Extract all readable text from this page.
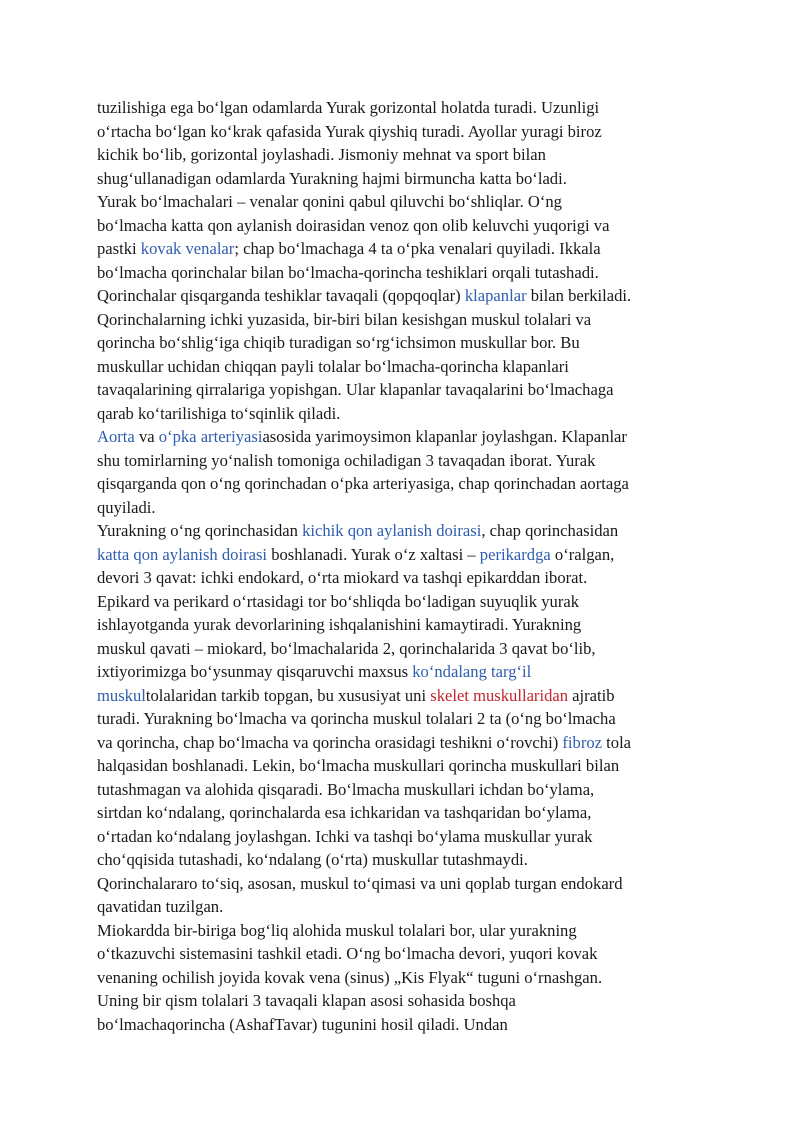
tuzilishiga ega bo‘lgan odamlarda Yurak gorizontal holatda turadi. Uzunligi
o‘rtacha bo‘lgan ko‘krak qafasida Yurak qiyshiq turadi. Ayollar yuragi biroz
kichik bo‘lib, gorizontal joylashadi. Jismoniy mehnat va sport bilan
shug‘ullanadigan odamlarda Yurakning hajmi birmuncha katta bo‘ladi.
Yurak bo‘lmachalari – venalar qonini qabul qiluvchi bo‘shliqlar. O‘ng
bo‘lmacha katta qon aylanish doirasidan venoz qon olib keluvchi yuqorigi va
pastki kovak venalar; chap bo‘lmachaga 4 ta o‘pka venalari quyiladi. Ikkala
bo‘lmacha qorinchalar bilan bo‘lmacha-qorincha teshiklari orqali tutashadi.
Qorinchalar qisqarganda teshiklar tavaqali (qopqoqlar) klapanlar bilan berkiladi.
Qorinchalarning ichki yuzasida, bir-biri bilan kesishgan muskul tolalari va
qorincha bo‘shlig‘iga chiqib turadigan so‘rg‘ichsimon muskullar bor. Bu
muskullar uchidan chiqqan payli tolalar bo‘lmacha-qorincha klapanlari
tavaqalarining qirralariga yopishgan. Ular klapanlar tavaqalarini bo‘lmachaga
qarab ko‘tarilishiga to‘sqinlik qiladi.
Aorta va o‘pka arteriyasiasosida yarimoysimon klapanlar joylashgan. Klapanlar
shu tomirlarning yo‘nalish tomoniga ochiladigan 3 tavaqadan iborat. Yurak
qisqarganda qon o‘ng qorinchadan o‘pka arteriyasiga, chap qorinchadan aortaga
quyiladi.
Yurakning o‘ng qorinchasidan kichik qon aylanish doirasi, chap qorinchasidan
katta qon aylanish doirasi boshlanadi. Yurak o‘z xaltasi – perikardga o‘ralgan,
devori 3 qavat: ichki endokard, o‘rta miokard va tashqi epikarddan iborat.
Epikard va perikard o‘rtasidagi tor bo‘shliqda bo‘ladigan suyuqlik yurak
ishlayotganda yurak devorlarining ishqalanishini kamaytiradi. Yurakning
muskul qavati – miokard, bo‘lmachalarida 2, qorinchalarida 3 qavat bo‘lib,
ixtiyorimizga bo‘ysunmay qisqaruvchi maxsus ko‘ndalang targ‘il
muskultolalaridan tarkib topgan, bu xususiyat uni skelet muskullaridan ajratib
turadi. Yurakning bo‘lmacha va qorincha muskul tolalari 2 ta (o‘ng bo‘lmacha
va qorincha, chap bo‘lmacha va qorincha orasidagi teshikni o‘rovchi) fibroz tola
halqasidan boshlanadi. Lekin, bo‘lmacha muskullari qorincha muskullari bilan
tutashmagan va alohida qisqaradi. Bo‘lmacha muskullari ichdan bo‘ylama,
sirtdan ko‘ndalang, qorinchalarda esa ichkaridan va tashqaridan bo‘ylama,
o‘rtadan ko‘ndalang joylashgan. Ichki va tashqi bo‘ylama muskullar yurak
cho‘qqisida tutashadi, ko‘ndalang (o‘rta) muskullar tutashmaydi.
Qorinchalararo to‘siq, asosan, muskul to‘qimasi va uni qoplab turgan endokard
qavatidan tuzilgan.
Miokardda bir-biriga bog‘liq alohida muskul tolalari bor, ular yurakning
o‘tkazuvchi sistemasini tashkil etadi. O‘ng bo‘lmacha devori, yuqori kovak
venaning ochilish joyida kovak vena (sinus) „Kis Flyak“ tuguni o‘rnashgan.
Uning bir qism tolalari 3 tavaqali klapan asosi sohasida boshqa
bo‘lmachaqorincha (AshafTavar) tugunini hosil qiladi. Undan
